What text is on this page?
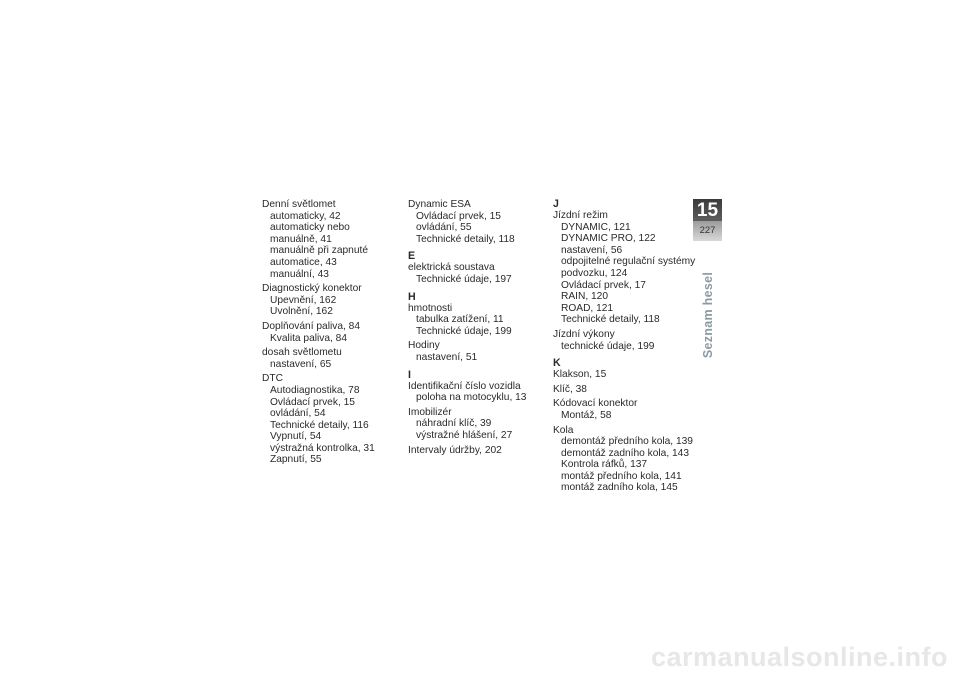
Denní světlomet
automaticky, 42
automaticky nebo
manuálně, 41
manuálně při zapnuté
automatice, 43
manuální, 43
Diagnostický konektor
Upevnění, 162
Uvolnění, 162
Doplňování paliva, 84
Kvalita paliva, 84
dosah světlometu
nastavení, 65
DTC
Autodiagnostika, 78
Ovládací prvek, 15
ovládání, 54
Technické detaily, 116
Vypnutí, 54
výstražná kontrolka, 31
Zapnutí, 55
Dynamic ESA
Ovládací prvek, 15
ovládání, 55
Technické detaily, 118
E
elektrická soustava
Technické údaje, 197
H
hmotnosti
tabulka zatížení, 11
Technické údaje, 199
Hodiny
nastavení, 51
I
Identifikační číslo vozidla
poloha na motocyklu, 13
Imobilizér
náhradní klíč, 39
výstražné hlášení, 27
Intervaly údržby, 202
J
Jízdní režim
DYNAMIC, 121
DYNAMIC PRO, 122
nastavení, 56
odpojitelné regulační systémy
podvozku, 124
Ovládací prvek, 17
RAIN, 120
ROAD, 121
Technické detaily, 118
Jízdní výkony
technické údaje, 199
K
Klakson, 15
Klíč, 38
Kódovací konektor
Montáž, 58
Kola
demontáž předního kola, 139
demontáž zadního kola, 143
Kontrola ráfků, 137
montáž předního kola, 141
montáž zadního kola, 145
15
227
Seznam hesel
carmanualsonline.info
